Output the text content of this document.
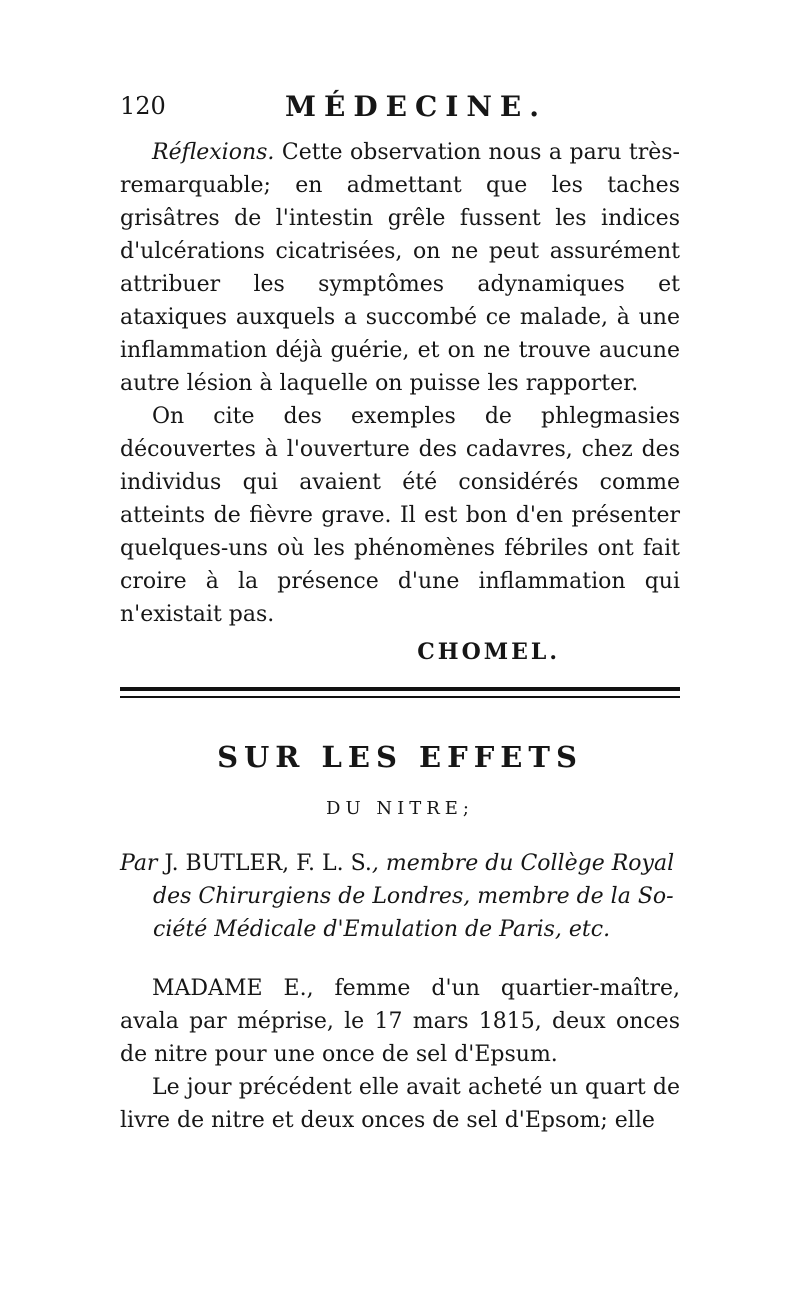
120	MÉDECINE.

Réflexions. Cette observation nous a paru très-remarquable; en admettant que les taches grisâtres de l'intestin grêle fussent les indices d'ulcérations cicatrisées, on ne peut assurément attribuer les symptômes adynamiques et ataxiques auxquels a succombé ce malade, à une inflammation déjà guérie, et on ne trouve aucune autre lésion à laquelle on puisse les rapporter.

On cite des exemples de phlegmasies découvertes à l'ouverture des cadavres, chez des individus qui avaient été considérés comme atteints de fièvre grave. Il est bon d'en présenter quelques-uns où les phénomènes fébriles ont fait croire à la présence d'une inflammation qui n'existait pas.

CHOMEL.
SUR LES EFFETS
DU NITRE;
Par J. BUTLER, F. L. S., membre du Collège Royal
des Chirurgiens de Londres, membre de la So-
ciété Médicale d'Emulation de Paris, etc.

MADAME E., femme d'un quartier-maître, avala par méprise, le 17 mars 1815, deux onces de nitre pour une once de sel d'Epsum.

Le jour précédent elle avait acheté un quart de livre de nitre et deux onces de sel d'Epsom; elle
